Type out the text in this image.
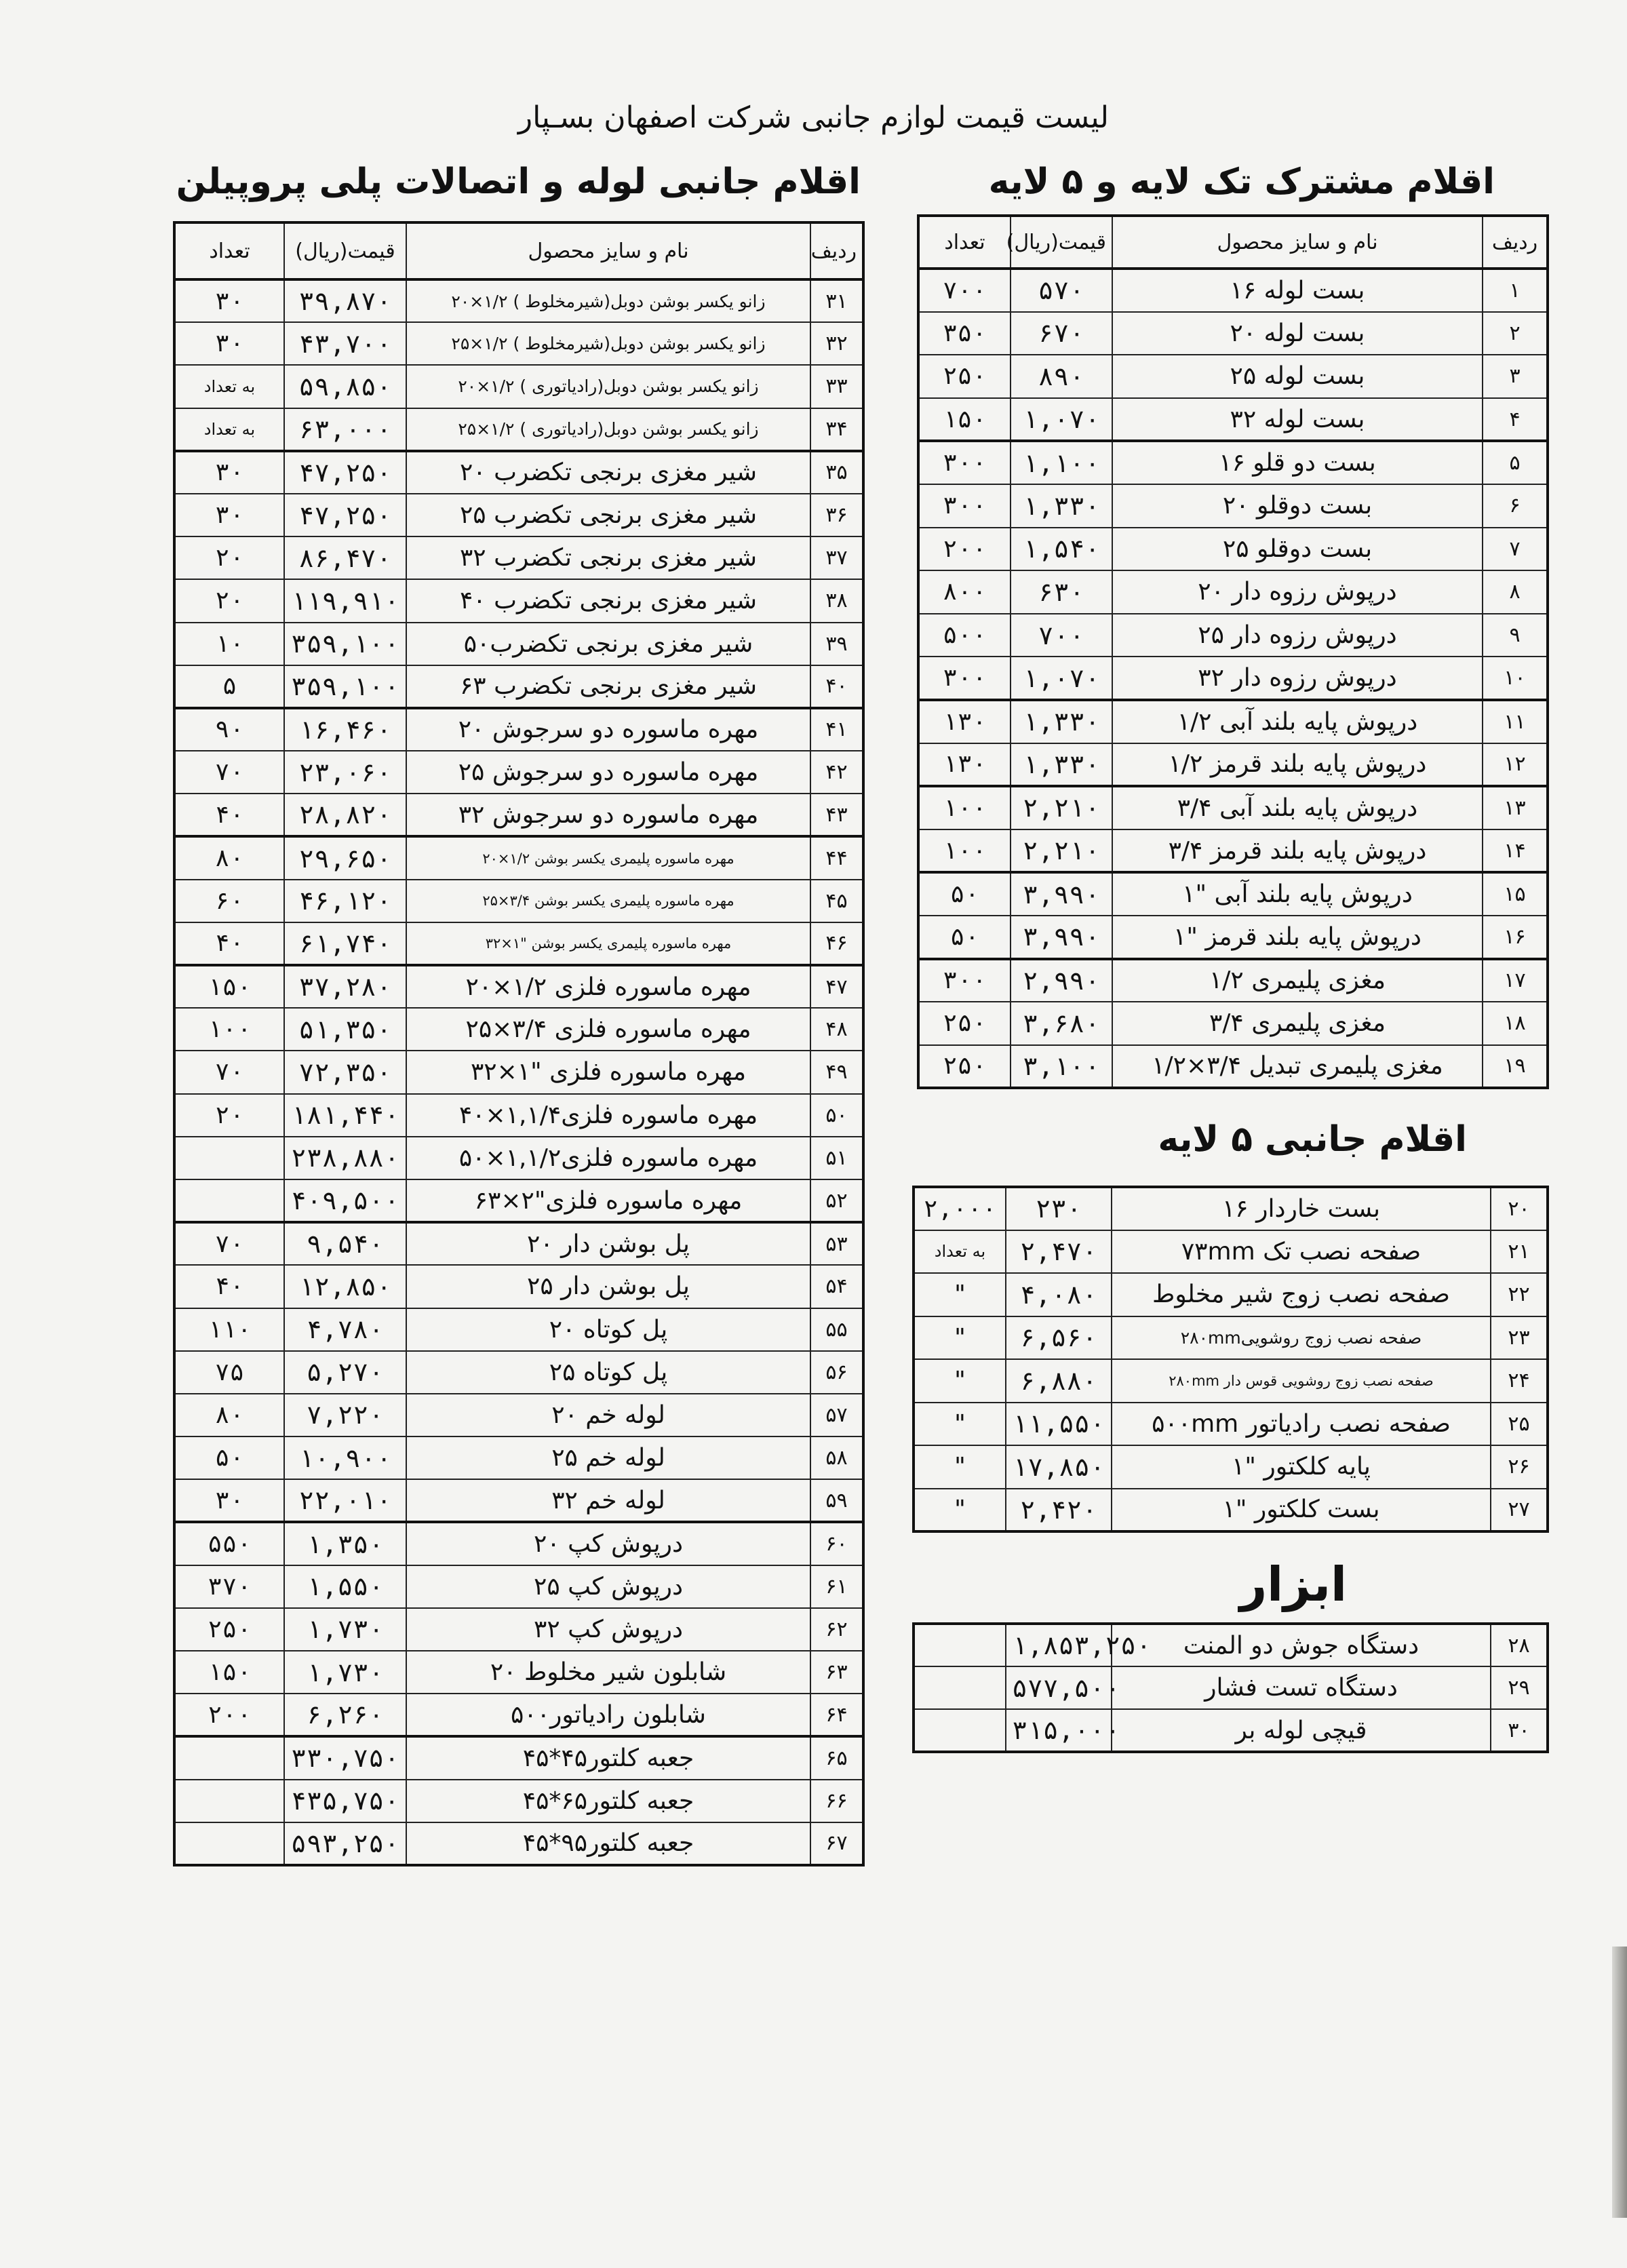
لیست قیمت لوازم جانبی شرکت اصفهان بسـپار
اقلام مشترک تک لایه و ۵ لایه
اقلام جانبی لوله و اتصالات پلی پروپیلن
ردیف	نام و سایز محصول	قیمت(ریال)	تعداد
۱	بست لوله ۱۶	۵۷۰	۷۰۰
۲	بست لوله ۲۰	۶۷۰	۳۵۰
۳	بست لوله ۲۵	۸۹۰	۲۵۰
۴	بست لوله ۳۲	۱,۰۷۰	۱۵۰
۵	بست دو قلو ۱۶	۱,۱۰۰	۳۰۰
۶	بست دوقلو ۲۰	۱,۳۳۰	۳۰۰
۷	بست دوقلو ۲۵	۱,۵۴۰	۲۰۰
۸	درپوش رزوه دار ۲۰	۶۳۰	۸۰۰
۹	درپوش رزوه دار ۲۵	۷۰۰	۵۰۰
۱۰	درپوش رزوه دار ۳۲	۱,۰۷۰	۳۰۰
۱۱	درپوش پایه بلند آبی ۱/۲	۱,۳۳۰	۱۳۰
۱۲	درپوش پایه بلند قرمز ۱/۲	۱,۳۳۰	۱۳۰
۱۳	درپوش پایه بلند آبی ۳/۴	۲,۲۱۰	۱۰۰
۱۴	درپوش پایه بلند قرمز ۳/۴	۲,۲۱۰	۱۰۰
۱۵	درپوش پایه بلند آبی "۱	۳,۹۹۰	۵۰
۱۶	درپوش پایه بلند قرمز "۱	۳,۹۹۰	۵۰
۱۷	مغزی پلیمری ۱/۲	۲,۹۹۰	۳۰۰
۱۸	مغزی پلیمری ۳/۴	۳,۶۸۰	۲۵۰
۱۹	مغزی پلیمری تبدیل ۳/۴×۱/۲	۳,۱۰۰	۲۵۰
اقلام جانبی ۵ لایه
۲۰	بست خاردار ۱۶	۲۳۰	۲,۰۰۰
۲۱	صفحه نصب تک ۷۳mm	۲,۴۷۰	به تعداد
۲۲	صفحه نصب زوج شیر مخلوط	۴,۰۸۰	"
۲۳	صفحه نصب زوج روشویی۲۸۰mm	۶,۵۶۰	"
۲۴	صفحه نصب زوج روشویی قوس دار ۲۸۰mm	۶,۸۸۰	"
۲۵	صفحه نصب رادیاتور ۵۰۰mm	۱۱,۵۵۰	"
۲۶	پایه کلکتور "۱	۱۷,۸۵۰	"
۲۷	بست کلکتور "۱	۲,۴۲۰	"
ابزار
۲۸	دستگاه جوش دو المنت	۱,۸۵۳,۲۵۰	
۲۹	دستگاه تست فشار	۵۷۷,۵۰۰	
۳۰	قیچی لوله بر	۳۱۵,۰۰۰	
ردیف	نام و سایز محصول	قیمت(ریال)	تعداد
۳۱	زانو یکسر بوشن دوبل(شیرمخلوط ) ۱/۲×۲۰	۳۹,۸۷۰	۳۰
۳۲	زانو یکسر بوشن دوبل(شیرمخلوط ) ۱/۲×۲۵	۴۳,۷۰۰	۳۰
۳۳	زانو یکسر بوشن دوبل(رادیاتوری ) ۱/۲×۲۰	۵۹,۸۵۰	به تعداد
۳۴	زانو یکسر بوشن دوبل(رادیاتوری ) ۱/۲×۲۵	۶۳,۰۰۰	به تعداد
۳۵	شیر مغزی برنجی تکضرب ۲۰	۴۷,۲۵۰	۳۰
۳۶	شیر مغزی برنجی تکضرب ۲۵	۴۷,۲۵۰	۳۰
۳۷	شیر مغزی برنجی تکضرب ۳۲	۸۶,۴۷۰	۲۰
۳۸	شیر مغزی برنجی تکضرب ۴۰	۱۱۹,۹۱۰	۲۰
۳۹	شیر مغزی برنجی تکضرب۵۰	۳۵۹,۱۰۰	۱۰
۴۰	شیر مغزی برنجی تکضرب ۶۳	۳۵۹,۱۰۰	۵
۴۱	مهره ماسوره دو سرجوش ۲۰	۱۶,۴۶۰	۹۰
۴۲	مهره ماسوره دو سرجوش ۲۵	۲۳,۰۶۰	۷۰
۴۳	مهره ماسوره دو سرجوش ۳۲	۲۸,۸۲۰	۴۰
۴۴	مهره ماسوره پلیمری یکسر بوشن ۱/۲×۲۰	۲۹,۶۵۰	۸۰
۴۵	مهره ماسوره پلیمری یکسر بوشن ۳/۴×۲۵	۴۶,۱۲۰	۶۰
۴۶	مهره ماسوره پلیمری یکسر بوشن "۱×۳۲	۶۱,۷۴۰	۴۰
۴۷	مهره ماسوره فلزی ۱/۲×۲۰	۳۷,۲۸۰	۱۵۰
۴۸	مهره ماسوره فلزی ۳/۴×۲۵	۵۱,۳۵۰	۱۰۰
۴۹	مهره ماسوره فلزی "۱×۳۲	۷۲,۳۵۰	۷۰
۵۰	مهره ماسوره فلزی۱,۱/۴×۴۰	۱۸۱,۴۴۰	۲۰
۵۱	مهره ماسوره فلزی۱,۱/۲×۵۰	۲۳۸,۸۸۰	
۵۲	مهره ماسوره فلزی"۲×۶۳	۴۰۹,۵۰۰	
۵۳	پل بوشن دار ۲۰	۹,۵۴۰	۷۰
۵۴	پل بوشن دار ۲۵	۱۲,۸۵۰	۴۰
۵۵	پل کوتاه ۲۰	۴,۷۸۰	۱۱۰
۵۶	پل کوتاه ۲۵	۵,۲۷۰	۷۵
۵۷	لوله خم ۲۰	۷,۲۲۰	۸۰
۵۸	لوله خم ۲۵	۱۰,۹۰۰	۵۰
۵۹	لوله خم ۳۲	۲۲,۰۱۰	۳۰
۶۰	درپوش کپ ۲۰	۱,۳۵۰	۵۵۰
۶۱	درپوش کپ ۲۵	۱,۵۵۰	۳۷۰
۶۲	درپوش کپ ۳۲	۱,۷۳۰	۲۵۰
۶۳	شابلون شیر مخلوط ۲۰	۱,۷۳۰	۱۵۰
۶۴	شابلون رادیاتور۵۰۰	۶,۲۶۰	۲۰۰
۶۵	جعبه کلتور۴۵*۴۵	۳۳۰,۷۵۰	
۶۶	جعبه کلتور۶۵*۴۵	۴۳۵,۷۵۰	
۶۷	جعبه کلتور۹۵*۴۵	۵۹۳,۲۵۰	
